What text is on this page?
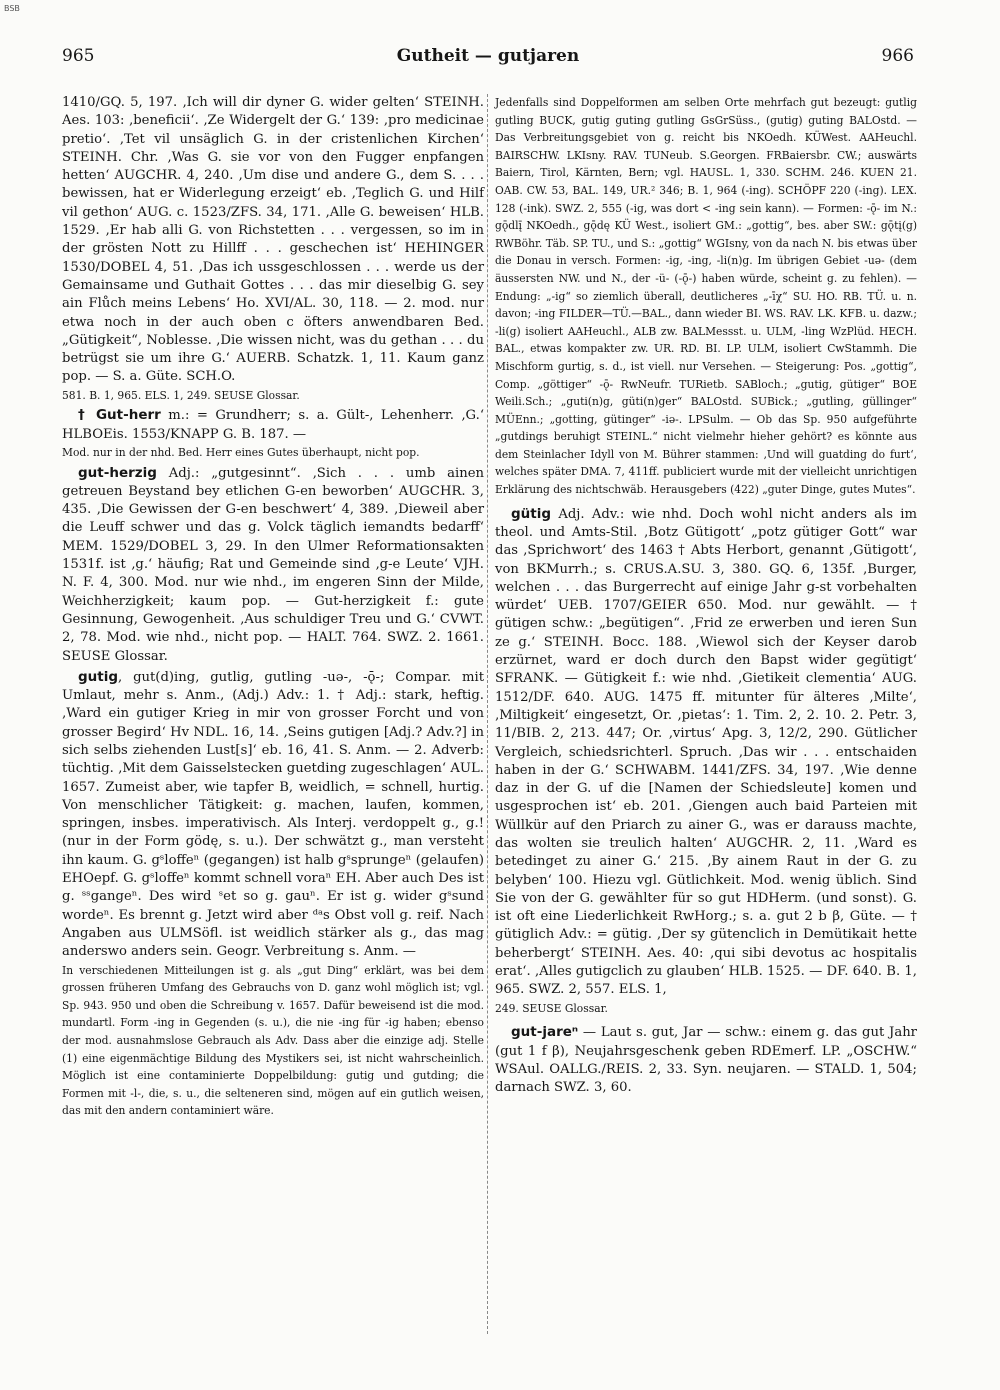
BSB
965	Gutheit — gutjaren	966

1410/GQ. 5, 197. ‚Ich will dir dyner G. wider gelten‘ STEINH. Aes. 103: ‚beneficii‘. ‚Ze Widergelt der G.‘ 139: ‚pro medicinae pretio‘. ‚Tet vil unsäglich G. in der cristenlichen Kirchen‘ STEINH. Chr. ‚Was G. sie vor von den Fugger enpfangen hetten‘ AUGCHR. 4, 240. ‚Um dise und andere G., dem S. . . . bewissen, hat er Widerlegung erzeigt‘ eb. ‚Teglich G. und Hilf vil gethon‘ AUG. c. 1523/ZFS. 34, 171. ‚Alle G. beweisen‘ HLB. 1529. ‚Er hab alli G. von Richstetten . . . vergessen, so im in der grösten Nott zu Hillff . . . geschechen ist‘ HEHINGER 1530/DOBEL 4, 51. ‚Das ich ussgeschlossen . . . werde us der Gemainsame und Guthait Gottes . . . das mir dieselbig G. sey ain Flůch meins Lebens‘ Ho. XVI/AL. 30, 118. — 2. mod. nur etwa noch in der auch oben c öfters anwendbaren Bed. „Gütigkeit“, Noblesse. ‚Die wissen nicht, was du gethan . . . du betrügst sie um ihre G.‘ AUERB. Schatzk. 1, 11. Kaum ganz pop. — S. a. Güte. SCH.O.

581. B. 1, 965. ELS. 1, 249. SEUSE Glossar.

† Gut-herr m.: = Grundherr; s. a. Gült-, Lehenherr. ‚G.‘ HLBOEis. 1553/KNAPP G. B. 187. —

Mod. nur in der nhd. Bed. Herr eines Gutes überhaupt, nicht pop.

gut-herzig Adj.: „gutgesinnt“. ‚Sich . . . umb ainen getreuen Beystand bey etlichen G-en beworben‘ AUGCHR. 3, 435. ‚Die Gewissen der G-en beschwert‘ 4, 389. ‚Dieweil aber die Leuff schwer und das g. Volck täglich iemandts bedarff‘ MEM. 1529/DOBEL 3, 29. In den Ulmer Reformationsakten 1531f. ist ‚g.‘ häufig; Rat und Gemeinde sind ‚g-e Leute‘ VJH. N. F. 4, 300. Mod. nur wie nhd., im engeren Sinn der Milde, Weichherzigkeit; kaum pop. — Gut-herzigkeit f.: gute Gesinnung, Gewogenheit. ‚Aus schuldiger Treu und G.‘ CVWT. 2, 78. Mod. wie nhd., nicht pop. — HALT. 764. SWZ. 2. 1661. SEUSE Glossar.

gutig, gut(d)ing, gutlig, gutling -uǝ-, -ǭ-; Compar. mit Umlaut, mehr s. Anm., (Adj.) Adv.: 1. † Adj.: stark, heftig. ‚Ward ein gutiger Krieg in mir von grosser Forcht und von grosser Begird‘ Hv NDL. 16, 14. ‚Seins gutigen [Adj.? Adv.?] in sich selbs ziehenden Lust[s]‘ eb. 16, 41. S. Anm. — 2. Adverb: tüchtig. ‚Mit dem Gaisselstecken guetding zugeschlagen‘ AUL. 1657. Zumeist aber, wie tapfer B, weidlich, = schnell, hurtig. Von menschlicher Tätigkeit: g. machen, laufen, kommen, springen, insbes. imperativisch. Als Interj. verdoppelt g., g.! (nur in der Form gödę, s. u.). Der schwätzt g., man versteht ihn kaum. G. gˢloffeⁿ (gegangen) ist halb gˢsprungeⁿ (gelaufen) EHOepf. G. gˢloffeⁿ kommt schnell voraⁿ EH. Aber auch Des ist g. ˢˢgangeⁿ. Des wird ˢet so g. gauⁿ. Er ist g. wider gˢsund wordeⁿ. Es brennt g. Jetzt wird aber ᵈᵃs Obst voll g. reif. Nach Angaben aus ULMSöfl. ist weidlich stärker als g., das mag anderswo anders sein. Geogr. Verbreitung s. Anm. —

In verschiedenen Mitteilungen ist g. als „gut Ding“ erklärt, was bei dem grossen früheren Umfang des Gebrauchs von D. ganz wohl möglich ist; vgl. Sp. 943. 950 und oben die Schreibung v. 1657. Dafür beweisend ist die mod. mundartl. Form -ing in Gegenden (s. u.), die nie -ing für -ig haben; ebenso der mod. ausnahmslose Gebrauch als Adv. Dass aber die einzige adj. Stelle (1) eine eigenmächtige Bildung des Mystikers sei, ist nicht wahrscheinlich. Möglich ist eine contaminierte Doppelbildung: gutig und gutding; die Formen mit -l-, die, s. u., die selteneren sind, mögen auf ein gutlich weisen, das mit den andern contaminiert wäre.

Jedenfalls sind Doppelformen am selben Orte mehrfach gut bezeugt: gutlig gutling BUCK, gutig guting gutling GsGrSüss., (gutig) guting BALOstd. — Das Verbreitungsgebiet von g. reicht bis NKOedh. KÜWest. AAHeuchl. BAIRSCHW. LKIsny. RAV. TUNeub. S.Georgen. FRBaiersbr. CW.; auswärts Baiern, Tirol, Kärnten, Bern; vgl. HAUSL. 1, 330. SCHM. 246. KUEN 21. OAB. CW. 53, BAL. 149, UR.² 346; B. 1, 964 (-ing). SCHÖPF 220 (-ing). LEX. 128 (-ink). SWZ. 2, 555 (-ig, was dort < -ing sein kann). — Formen: -ǭ- im N.: gǭdlį̄ NKOedh., gǭdę KÜ West., isoliert GM.: „gottig“, bes. aber SW.: gǭtį(g) RWBöhr. Täb. SP. TU., und S.: „gottig“ WGIsny, von da nach N. bis etwas über die Donau in versch. Formen: -ig, -ing, -li(n)g. Im übrigen Gebiet -uǝ- (dem äussersten NW. und N., der -ü- (-ǭ-) haben würde, scheint g. zu fehlen). — Endung: „-ig“ so ziemlich überall, deutlicheres „-īχ“ SU. HO. RB. TÜ. u. n. davon; -ing FILDER—TÜ.—BAL., dann wieder BI. WS. RAV. LK. KFB. u. dazw.; -li(g) isoliert AAHeuchl., ALB zw. BALMessst. u. ULM, -ling WzPlüd. HECH. BAL., etwas kompakter zw. UR. RD. BI. LP. ULM, isoliert CwStammh. Die Mischform gurtig, s. d., ist viell. nur Versehen. — Steigerung: Pos. „gottig“, Comp. „göttiger“ -ǭ- RwNeufr. TURietb. SABloch.; „gutig, gütiger“ BOE Weili.Sch.; „guti(n)g, güti(n)ger“ BALOstd. SUBick.; „gutling, güllinger“ MÜEnn.; „gotting, gütinger“ -iǝ-. LPSulm. — Ob das Sp. 950 aufgeführte „gutdings beruhigt STEINL.“ nicht vielmehr hieher gehört? es könnte aus dem Steinlacher Idyll von M. Bührer stammen: ‚Und will guatding do furt‘, welches später DMA. 7, 411ff. publiciert wurde mit der vielleicht unrichtigen Erklärung des nichtschwäb. Herausgebers (422) „guter Dinge, gutes Mutes“.

gütig Adj. Adv.: wie nhd. Doch wohl nicht anders als im theol. und Amts-Stil. ‚Botz Gütigott‘ „potz gütiger Gott“ war das ‚Sprichwort‘ des 1463 † Abts Herbort, genannt ‚Gütigott‘, von BKMurrh.; s. CRUS.A.SU. 3, 380. GQ. 6, 135f. ‚Burger, welchen . . . das Burgerrecht auf einige Jahr g-st vorbehalten würdet‘ UEB. 1707/GEIER 650. Mod. nur gewählt. — † gütigen schw.: „begütigen“. ‚Frid ze erwerben und ieren Sun ze g.‘ STEINH. Bocc. 188. ‚Wiewol sich der Keyser darob erzürnet, ward er doch durch den Bapst wider gegütigt‘ SFRANK. — Gütigkeit f.: wie nhd. ‚Gietikeit clementia‘ AUG. 1512/DF. 640. AUG. 1475 ff. mitunter für älteres ‚Milte‘, ‚Miltigkeit‘ eingesetzt, Or. ‚pietas‘: 1. Tim. 2, 2. 10. 2. Petr. 3, 11/BIB. 2, 213. 447; Or. ‚virtus‘ Apg. 3, 12/2, 290. Gütlicher Vergleich, schiedsrichterl. Spruch. ‚Das wir . . . entschaiden haben in der G.‘ SCHWABM. 1441/ZFS. 34, 197. ‚Wie denne daz in der G. uf die [Namen der Schiedsleute] komen und usgesprochen ist‘ eb. 201. ‚Giengen auch baid Parteien mit Wüllkür auf den Priarch zu ainer G., was er darauss machte, das wolten sie treulich halten‘ AUGCHR. 2, 11. ‚Ward es betedinget zu ainer G.‘ 215. ‚By ainem Raut in der G. zu belyben‘ 100. Hiezu vgl. Gütlichkeit. Mod. wenig üblich. Sind Sie von der G. gewählter für so gut HDHerm. (und sonst). G. ist oft eine Liederlichkeit RwHorg.; s. a. gut 2 b β, Güte. — † gütiglich Adv.: = gütig. ‚Der sy gütenclich in Demütikait hette beherbergt‘ STEINH. Aes. 40: ‚qui sibi devotus ac hospitalis erat‘. ‚Alles gutigclich zu glauben‘ HLB. 1525. — DF. 640. B. 1, 965. SWZ. 2, 557. ELS. 1,

249. SEUSE Glossar.

gut-jareⁿ — Laut s. gut, Jar — schw.: einem g. das gut Jahr (gut 1 f β), Neujahrsgeschenk geben RDEmerf. LP. „OSCHW.“ WSAul. OALLG./REIS. 2, 33. Syn. neujaren. — STALD. 1, 504; darnach SWZ. 3, 60.
